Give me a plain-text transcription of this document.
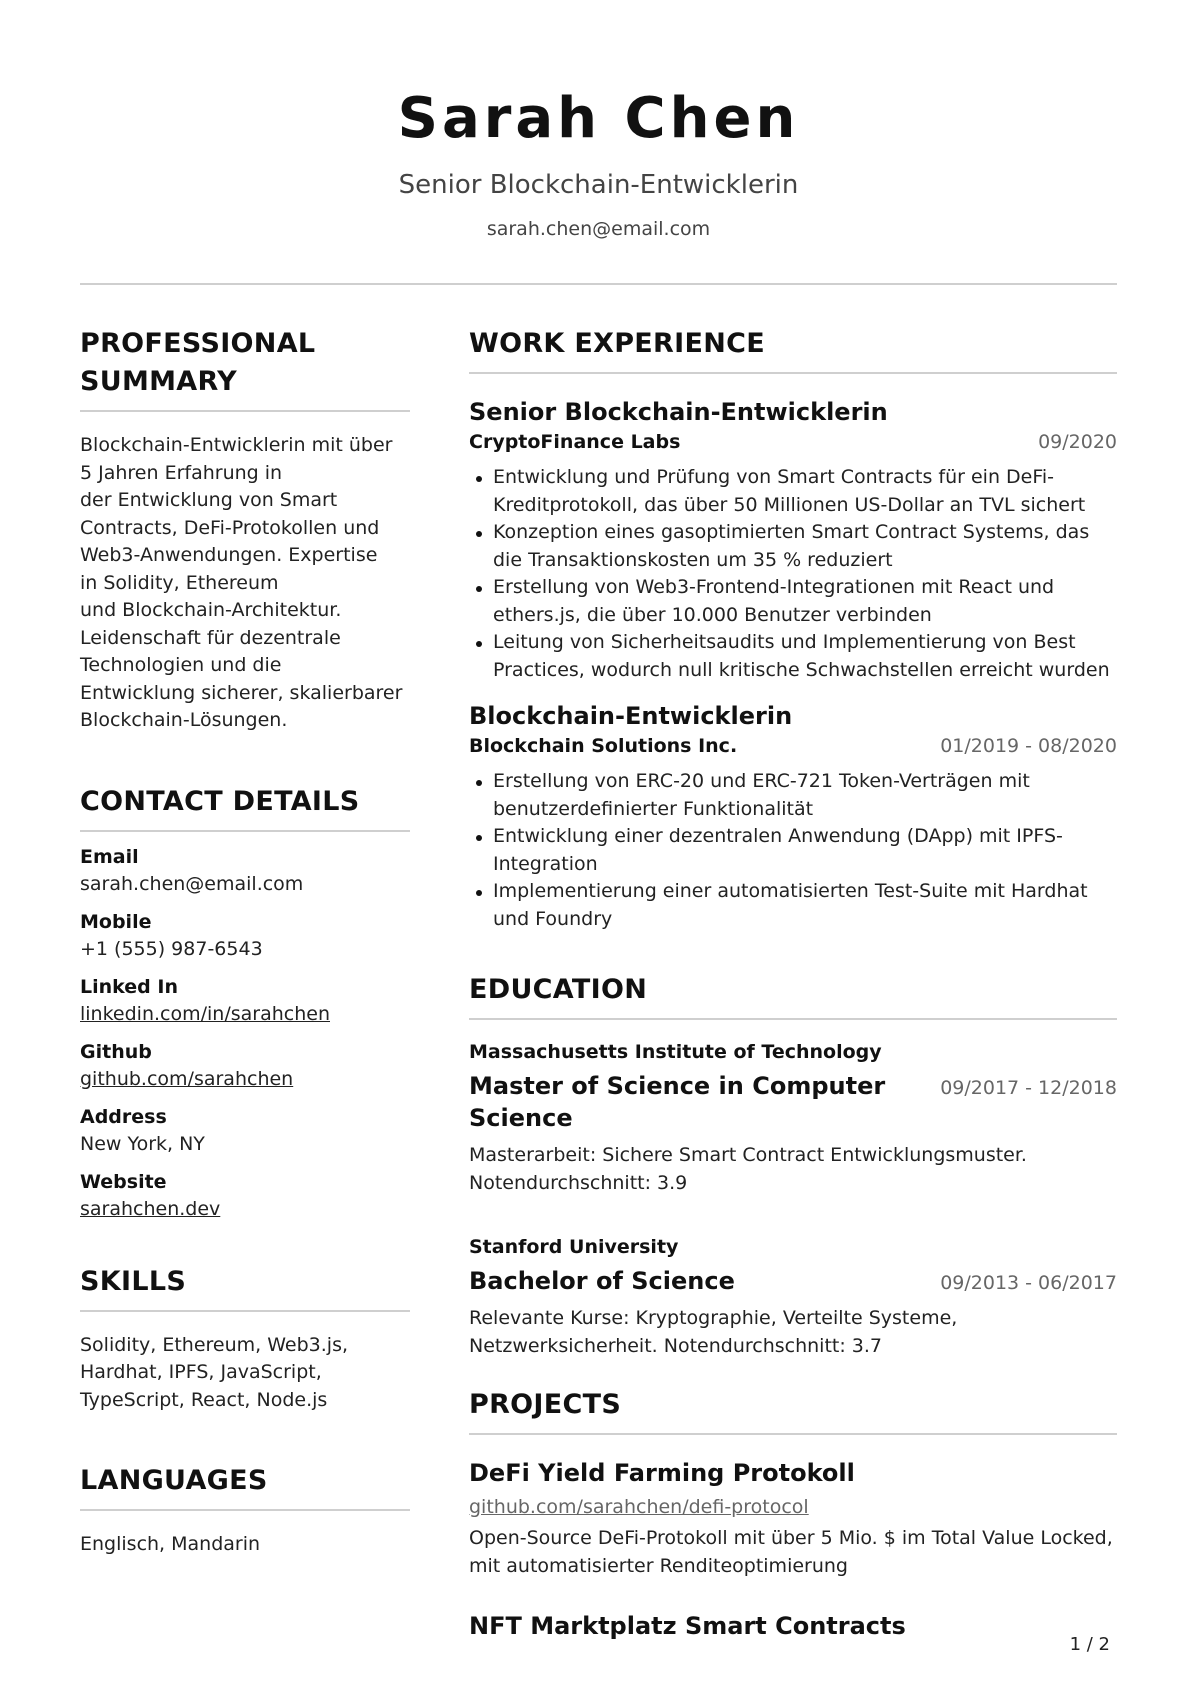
Sarah Chen
Senior Blockchain-Entwicklerin
sarah.chen@email.com
PROFESSIONAL SUMMARY
Blockchain-Entwicklerin mit über
5 Jahren Erfahrung in
der Entwicklung von Smart
Contracts, DeFi-Protokollen und
Web3-Anwendungen. Expertise
in Solidity, Ethereum
und Blockchain-Architektur.
Leidenschaft für dezentrale
Technologien und die
Entwicklung sicherer, skalierbarer
Blockchain-Lösungen.
CONTACT DETAILS
Email
sarah.chen@email.com
Mobile
+1 (555) 987-6543
Linked In
linkedin.com/in/sarahchen
Github
github.com/sarahchen
Address
New York, NY
Website
sarahchen.dev
SKILLS
Solidity, Ethereum, Web3.js, Hardhat, IPFS, JavaScript, TypeScript, React, Node.js
LANGUAGES
Englisch, Mandarin
WORK EXPERIENCE
Senior Blockchain-Entwicklerin
CryptoFinance Labs	09/2020
Entwicklung und Prüfung von Smart Contracts für ein DeFi-Kreditprotokoll, das über 50 Millionen US-Dollar an TVL sichert
Konzeption eines gasoptimierten Smart Contract Systems, das die Transaktionskosten um 35 % reduziert
Erstellung von Web3-Frontend-Integrationen mit React und ethers.js, die über 10.000 Benutzer verbinden
Leitung von Sicherheitsaudits und Implementierung von Best Practices, wodurch null kritische Schwachstellen erreicht wurden
Blockchain-Entwicklerin
Blockchain Solutions Inc.	01/2019 - 08/2020
Erstellung von ERC-20 und ERC-721 Token-Verträgen mit benutzerdefinierter Funktionalität
Entwicklung einer dezentralen Anwendung (DApp) mit IPFS-Integration
Implementierung einer automatisierten Test-Suite mit Hardhat und Foundry
EDUCATION
Massachusetts Institute of Technology
Master of Science in Computer Science
09/2017 - 12/2018
Masterarbeit: Sichere Smart Contract Entwicklungsmuster. Notendurchschnitt: 3.9
Stanford University
Bachelor of Science	09/2013 - 06/2017
Relevante Kurse: Kryptographie, Verteilte Systeme, Netzwerksicherheit. Notendurchschnitt: 3.7
PROJECTS
DeFi Yield Farming Protokoll
github.com/sarahchen/defi-protocol
Open-Source DeFi-Protokoll mit über 5 Mio. $ im Total Value Locked, mit automatisierter Renditeoptimierung
NFT Marktplatz Smart Contracts
1 / 2
